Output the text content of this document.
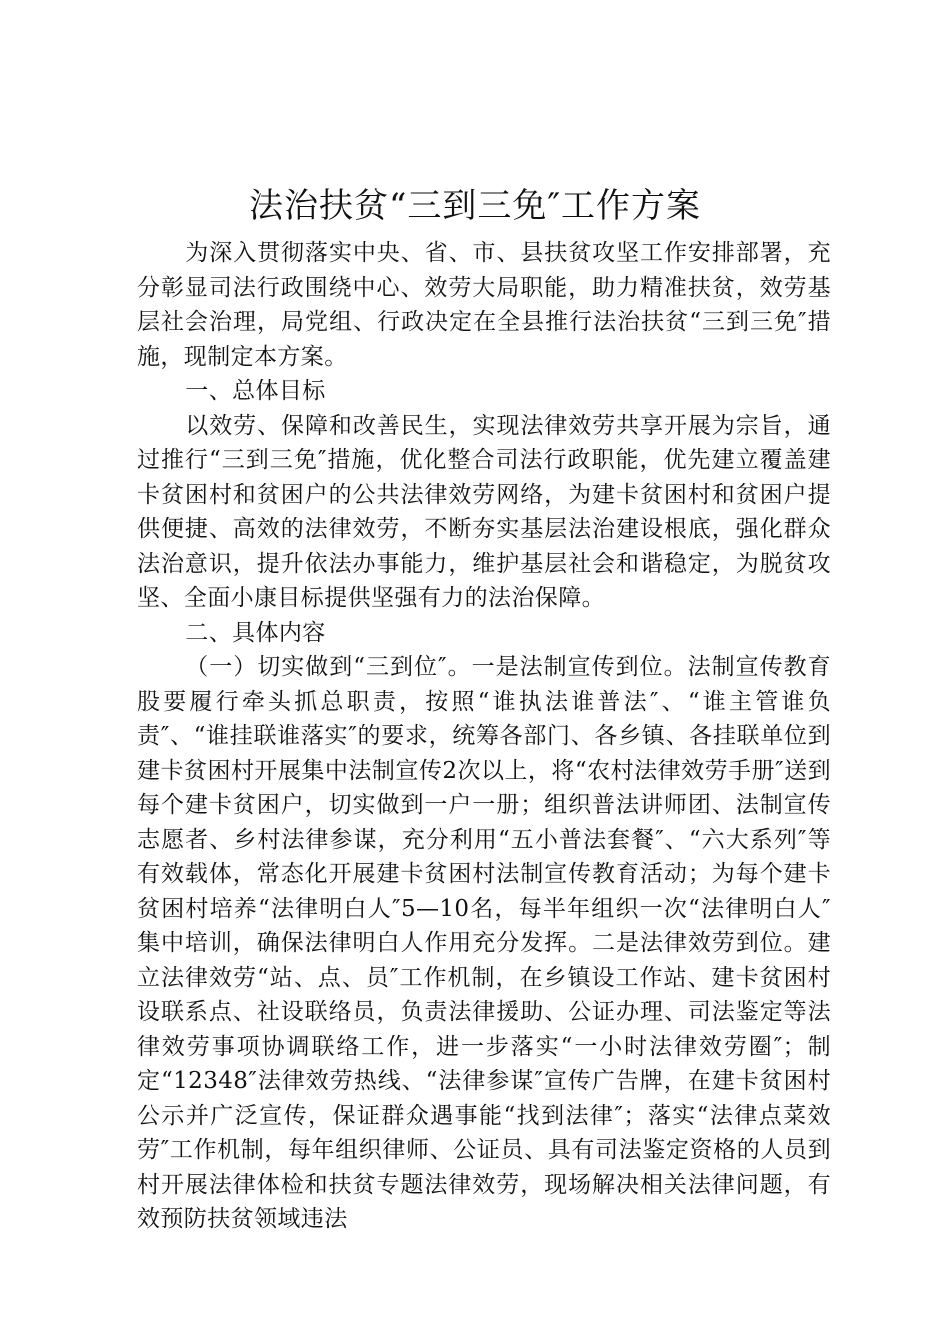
法治扶贫“三到三免″工作方案

为深入贯彻落实中央、省、市、县扶贫攻坚工作安排部署，充分彰显司法行政围绕中心、效劳大局职能，助力精准扶贫，效劳基层社会治理，局党组、行政决定在全县推行法治扶贫“三到三免″措施，现制定本方案。

一、总体目标

以效劳、保障和改善民生，实现法律效劳共享开展为宗旨，通过推行“三到三免″措施，优化整合司法行政职能，优先建立覆盖建卡贫困村和贫困户的公共法律效劳网络，为建卡贫困村和贫困户提供便捷、高效的法律效劳，不断夯实基层法治建设根底，强化群众法治意识，提升依法办事能力，维护基层社会和谐稳定，为脱贫攻坚、全面小康目标提供坚强有力的法治保障。

二、具体内容

（一）切实做到“三到位″。一是法制宣传到位。法制宣传教育股要履行牵头抓总职责，按照“谁执法谁普法″、“谁主管谁负责″、“谁挂联谁落实″的要求，统筹各部门、各乡镇、各挂联单位到建卡贫困村开展集中法制宣传2次以上，将“农村法律效劳手册″送到每个建卡贫困户，切实做到一户一册；组织普法讲师团、法制宣传志愿者、乡村法律参谋，充分利用“五小普法套餐″、“六大系列″等有效载体，常态化开展建卡贫困村法制宣传教育活动；为每个建卡贫困村培养“法律明白人″5—10名，每半年组织一次“法律明白人″集中培训，确保法律明白人作用充分发挥。二是法律效劳到位。建立法律效劳“站、点、员″工作机制，在乡镇设工作站、建卡贫困村设联系点、社设联络员，负责法律援助、公证办理、司法鉴定等法律效劳事项协调联络工作，进一步落实“一小时法律效劳圈″；制定“12348″法律效劳热线、“法律参谋″宣传广告牌，在建卡贫困村公示并广泛宣传，保证群众遇事能“找到法律″；落实“法律点菜效劳″工作机制，每年组织律师、公证员、具有司法鉴定资格的人员到村开展法律体检和扶贫专题法律效劳，现场解决相关法律问题，有效预防扶贫领域违法
